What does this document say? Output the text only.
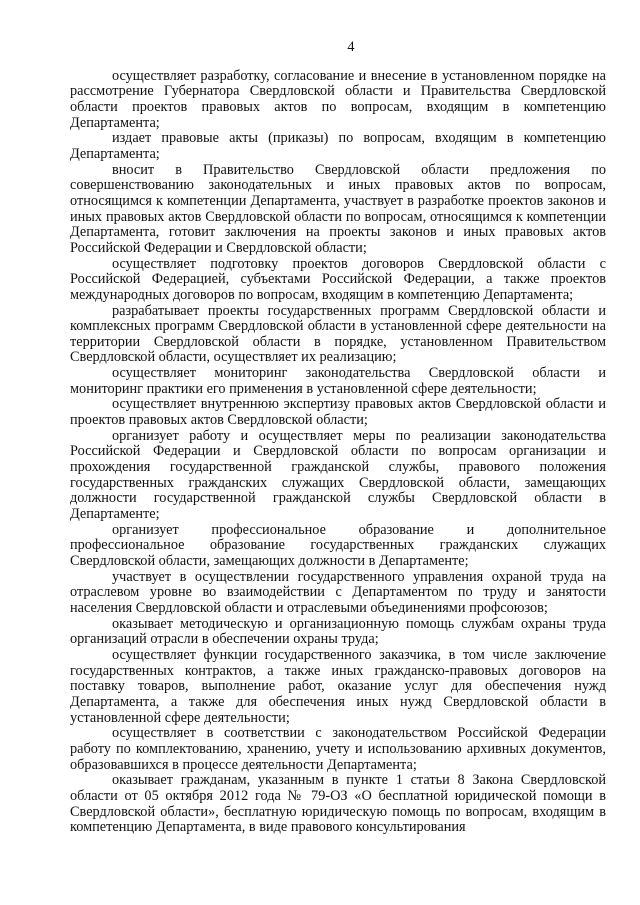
4

осуществляет разработку, согласование и внесение в установленном порядке на рассмотрение Губернатора Свердловской области и Правительства Свердловской области проектов правовых актов по вопросам, входящим в компетенцию Департамента;

издает правовые акты (приказы) по вопросам, входящим в компетенцию Департамента;

вносит в Правительство Свердловской области предложения по совершенствованию законодательных и иных правовых актов по вопросам, относящимся к компетенции Департамента, участвует в разработке проектов законов и иных правовых актов Свердловской области по вопросам, относящимся к компетенции Департамента, готовит заключения на проекты законов и иных правовых актов Российской Федерации и Свердловской области;

осуществляет подготовку проектов договоров Свердловской области с Российской Федерацией, субъектами Российской Федерации, а также проектов международных договоров по вопросам, входящим в компетенцию Департамента;

разрабатывает проекты государственных программ Свердловской области и комплексных программ Свердловской области в установленной сфере деятельности на территории Свердловской области в порядке, установленном Правительством Свердловской области, осуществляет их реализацию;

осуществляет мониторинг законодательства Свердловской области и мониторинг практики его применения в установленной сфере деятельности;

осуществляет внутреннюю экспертизу правовых актов Свердловской области и проектов правовых актов Свердловской области;

организует работу и осуществляет меры по реализации законодательства Российской Федерации и Свердловской области по вопросам организации и прохождения государственной гражданской службы, правового положения государственных гражданских служащих Свердловской области, замещающих должности государственной гражданской службы Свердловской области в Департаменте;

организует профессиональное образование и дополнительное профессиональное образование государственных гражданских служащих Свердловской области, замещающих должности в Департаменте;

участвует в осуществлении государственного управления охраной труда на отраслевом уровне во взаимодействии с Департаментом по труду и занятости населения Свердловской области и отраслевыми объединениями профсоюзов;

оказывает методическую и организационную помощь службам охраны труда организаций отрасли в обеспечении охраны труда;

осуществляет функции государственного заказчика, в том числе заключение государственных контрактов, а также иных гражданско-правовых договоров на поставку товаров, выполнение работ, оказание услуг для обеспечения нужд Департамента, а также для обеспечения иных нужд Свердловской области в установленной сфере деятельности;

осуществляет в соответствии с законодательством Российской Федерации работу по комплектованию, хранению, учету и использованию архивных документов, образовавшихся в процессе деятельности Департамента;

оказывает гражданам, указанным в пункте 1 статьи 8 Закона Свердловской области от 05 октября 2012 года № 79-ОЗ «О бесплатной юридической помощи в Свердловской области», бесплатную юридическую помощь по вопросам, входящим в компетенцию Департамента, в виде правового консультирования
